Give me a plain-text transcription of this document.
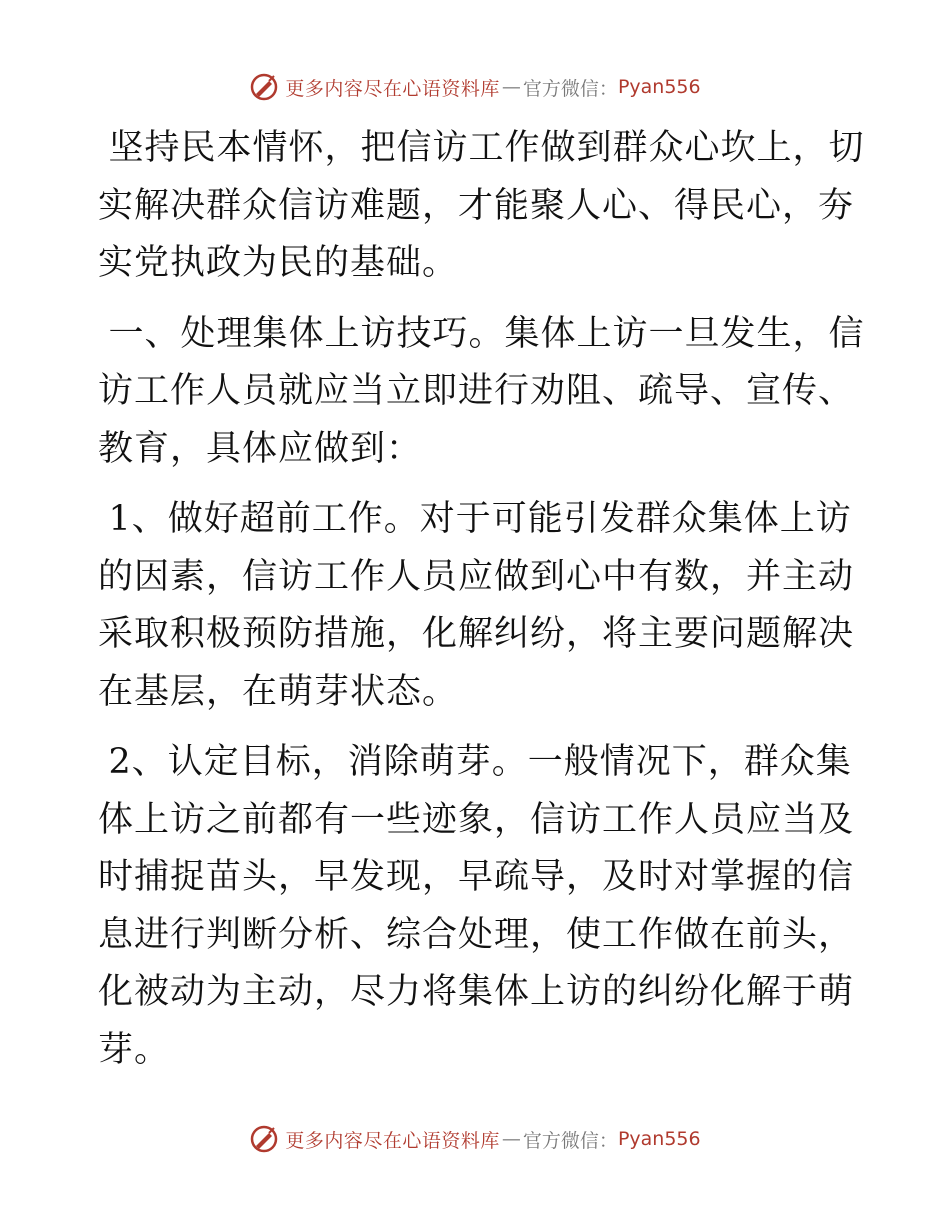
更多内容尽在心语资料库 — 官方微信： Pyan556

坚持民本情怀，把信访工作做到群众心坎上，切实解决群众信访难题，才能聚人心、得民心，夯实党执政为民的基础。

一、处理集体上访技巧。集体上访一旦发生，信访工作人员就应当立即进行劝阻、疏导、宣传、教育，具体应做到：

1、做好超前工作。对于可能引发群众集体上访的因素，信访工作人员应做到心中有数，并主动采取积极预防措施，化解纠纷，将主要问题解决在基层，在萌芽状态。

2、认定目标，消除萌芽。一般情况下，群众集体上访之前都有一些迹象，信访工作人员应当及时捕捉苗头，早发现，早疏导，及时对掌握的信息进行判断分析、综合处理，使工作做在前头，化被动为主动，尽力将集体上访的纠纷化解于萌芽。

更多内容尽在心语资料库 — 官方微信： Pyan556
